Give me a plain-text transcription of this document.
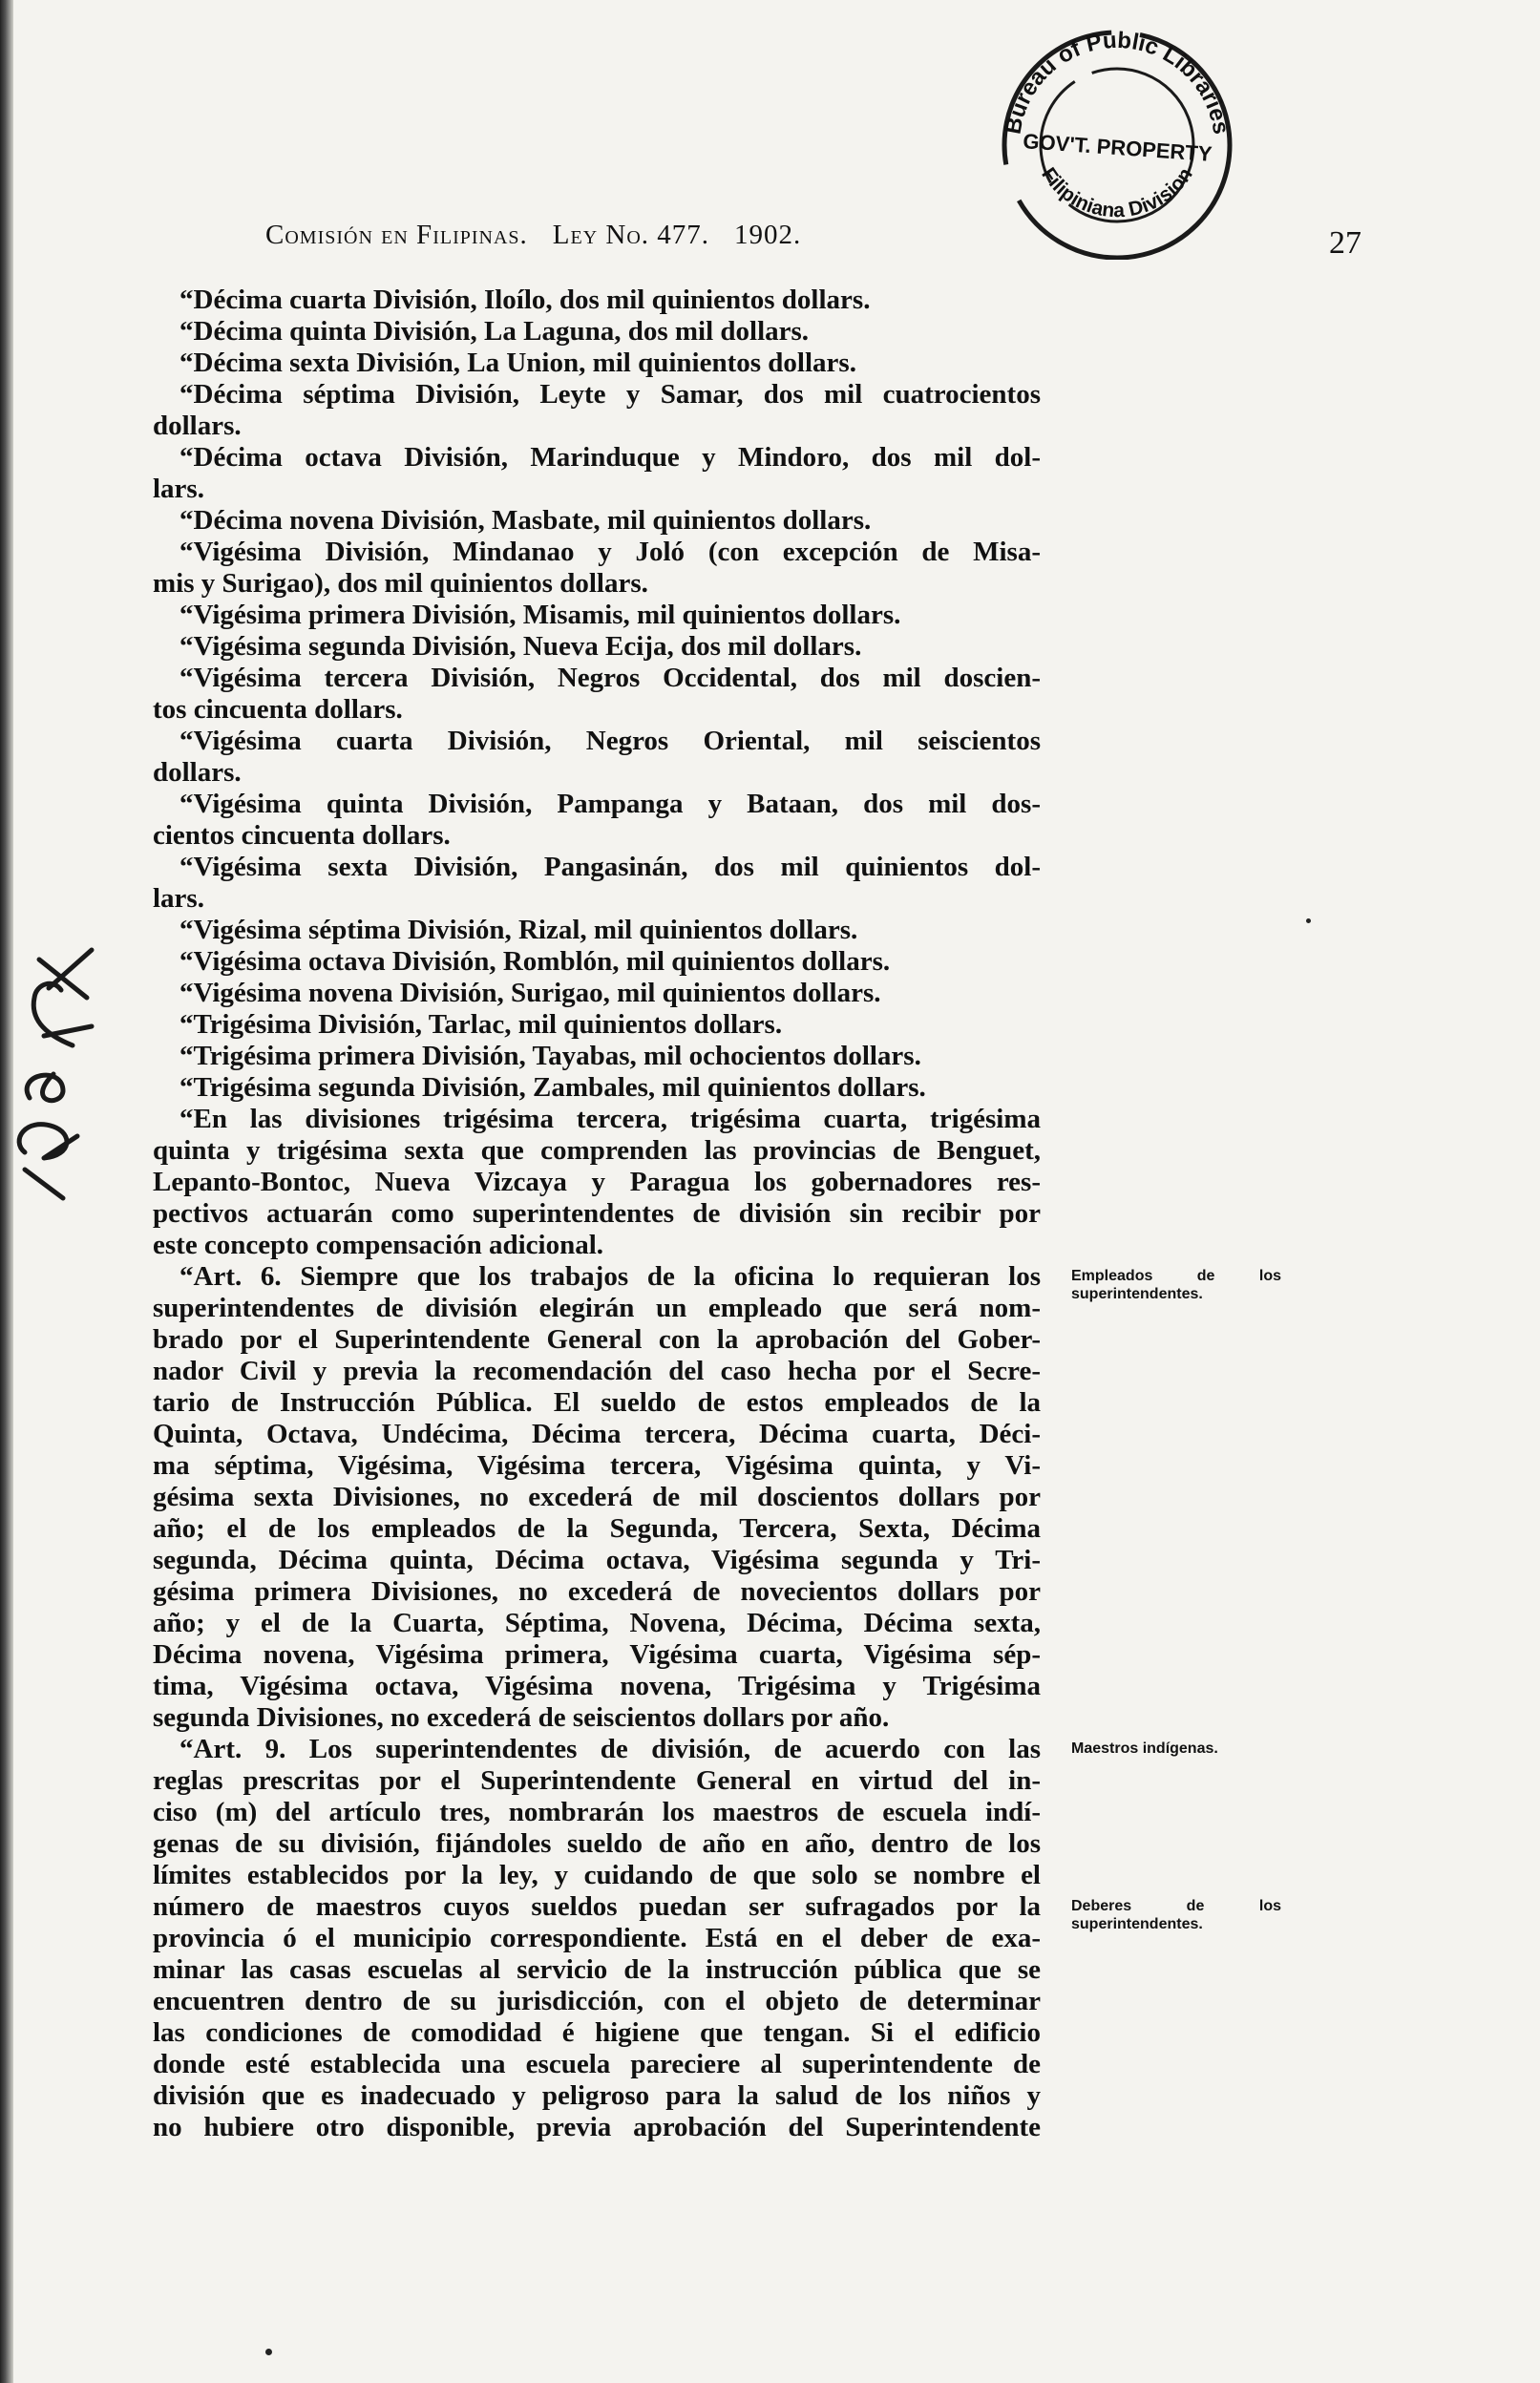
Comisión en Filipinas. Ley No. 477. 1902.	27
Bureau of Public Libraries
Filipiniana Division
GOV'T. PROPERTY
“Décima cuarta División, Iloílo, dos mil quinientos dollars.
“Décima quinta División, La Laguna, dos mil dollars.
“Décima sexta División, La Union, mil quinientos dollars.
“Décima séptima División, Leyte y Samar, dos mil cuatrocientos
dollars.
“Décima octava División, Marinduque y Mindoro, dos mil dol-
lars.
“Décima novena División, Masbate, mil quinientos dollars.
“Vigésima División, Mindanao y Joló (con excepción de Misa-
mis y Surigao), dos mil quinientos dollars.
“Vigésima primera División, Misamis, mil quinientos dollars.
“Vigésima segunda División, Nueva Ecija, dos mil dollars.
“Vigésima tercera División, Negros Occidental, dos mil doscien-
tos cincuenta dollars.
“Vigésima cuarta División, Negros Oriental, mil seiscientos
dollars.
“Vigésima quinta División, Pampanga y Bataan, dos mil dos-
cientos cincuenta dollars.
“Vigésima sexta División, Pangasinán, dos mil quinientos dol-
lars.
“Vigésima séptima División, Rizal, mil quinientos dollars.
“Vigésima octava División, Romblón, mil quinientos dollars.
“Vigésima novena División, Surigao, mil quinientos dollars.
“Trigésima División, Tarlac, mil quinientos dollars.
“Trigésima primera División, Tayabas, mil ochocientos dollars.
“Trigésima segunda División, Zambales, mil quinientos dollars.
“En las divisiones trigésima tercera, trigésima cuarta, trigésima
quinta y trigésima sexta que comprenden las provincias de Benguet,
Lepanto-Bontoc, Nueva Vizcaya y Paragua los gobernadores res-
pectivos actuarán como superintendentes de división sin recibir por
este concepto compensación adicional.
“Art. 6. Siempre que los trabajos de la oficina lo requieran los
superintendentes de división elegirán un empleado que será nom-
brado por el Superintendente General con la aprobación del Gober-
nador Civil y previa la recomendación del caso hecha por el Secre-
tario de Instrucción Pública. El sueldo de estos empleados de la
Quinta, Octava, Undécima, Décima tercera, Décima cuarta, Déci-
ma séptima, Vigésima, Vigésima tercera, Vigésima quinta, y Vi-
gésima sexta Divisiones, no excederá de mil doscientos dollars por
año; el de los empleados de la Segunda, Tercera, Sexta, Décima
segunda, Décima quinta, Décima octava, Vigésima segunda y Tri-
gésima primera Divisiones, no excederá de novecientos dollars por
año; y el de la Cuarta, Séptima, Novena, Décima, Décima sexta,
Décima novena, Vigésima primera, Vigésima cuarta, Vigésima sép-
tima, Vigésima octava, Vigésima novena, Trigésima y Trigésima
segunda Divisiones, no excederá de seiscientos dollars por año.
“Art. 9. Los superintendentes de división, de acuerdo con las
reglas prescritas por el Superintendente General en virtud del in-
ciso (m) del artículo tres, nombrarán los maestros de escuela indí-
genas de su división, fijándoles sueldo de año en año, dentro de los
límites establecidos por la ley, y cuidando de que solo se nombre el
número de maestros cuyos sueldos puedan ser sufragados por la
provincia ó el municipio correspondiente. Está en el deber de exa-
minar las casas escuelas al servicio de la instrucción pública que se
encuentren dentro de su jurisdicción, con el objeto de determinar
las condiciones de comodidad é higiene que tengan. Si el edificio
donde esté establecida una escuela pareciere al superintendente de
división que es inadecuado y peligroso para la salud de los niños y
no hubiere otro disponible, previa aprobación del Superintendente
Empleados de los superintendentes.
Maestros indígenas.
Deberes de los superintendentes.
